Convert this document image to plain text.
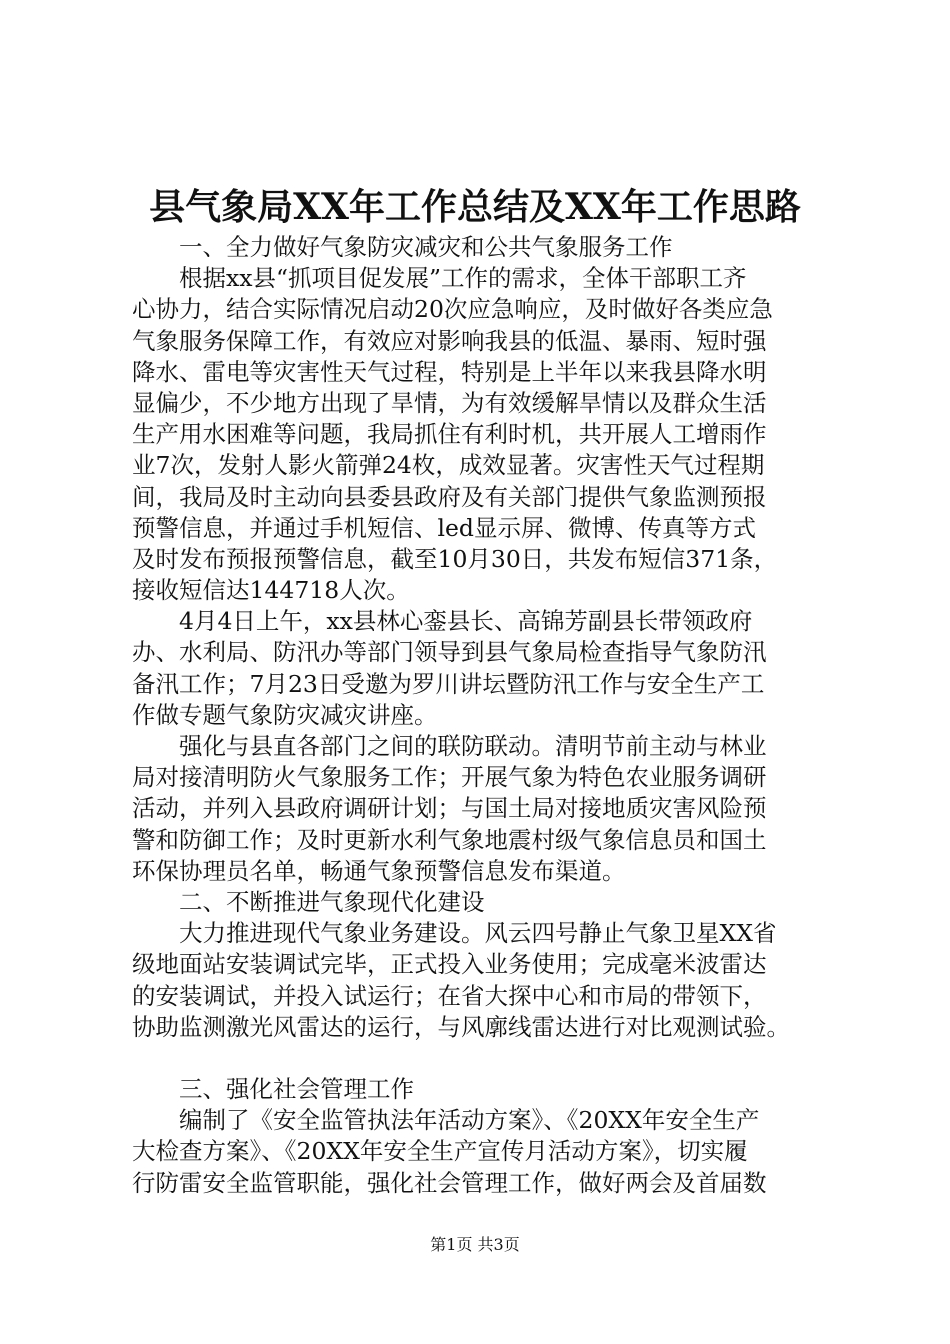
县气象局XX年工作总结及XX年工作思路
一、全力做好气象防灾减灾和公共气象服务工作
根据xx县“抓项目促发展”工作的需求，全体干部职工齐
心协力，结合实际情况启动20次应急响应，及时做好各类应急
气象服务保障工作，有效应对影响我县的低温、暴雨、短时强
降水、雷电等灾害性天气过程，特别是上半年以来我县降水明
显偏少，不少地方出现了旱情，为有效缓解旱情以及群众生活
生产用水困难等问题，我局抓住有利时机，共开展人工增雨作
业7次，发射人影火箭弹24枚，成效显著。灾害性天气过程期
间，我局及时主动向县委县政府及有关部门提供气象监测预报
预警信息，并通过手机短信、led显示屏、微博、传真等方式
及时发布预报预警信息，截至10月30日，共发布短信371条，
接收短信达144718人次。
4月4日上午，xx县林心銮县长、高锦芳副县长带领政府
办、水利局、防汛办等部门领导到县气象局检查指导气象防汛
备汛工作；7月23日受邀为罗川讲坛暨防汛工作与安全生产工
作做专题气象防灾减灾讲座。
强化与县直各部门之间的联防联动。清明节前主动与林业
局对接清明防火气象服务工作；开展气象为特色农业服务调研
活动，并列入县政府调研计划；与国土局对接地质灾害风险预
警和防御工作；及时更新水利气象地震村级气象信息员和国土
环保协理员名单，畅通气象预警信息发布渠道。
二、不断推进气象现代化建设
大力推进现代气象业务建设。风云四号静止气象卫星XX省
级地面站安装调试完毕，正式投入业务使用；完成毫米波雷达
的安装调试，并投入试运行；在省大探中心和市局的带领下，
协助监测激光风雷达的运行，与风廓线雷达进行对比观测试验。
三、强化社会管理工作
编制了《安全监管执法年活动方案》、《20XX年安全生产
大检查方案》、《20XX年安全生产宣传月活动方案》，切实履
行防雷安全监管职能，强化社会管理工作，做好两会及首届数
第1页 共3页
